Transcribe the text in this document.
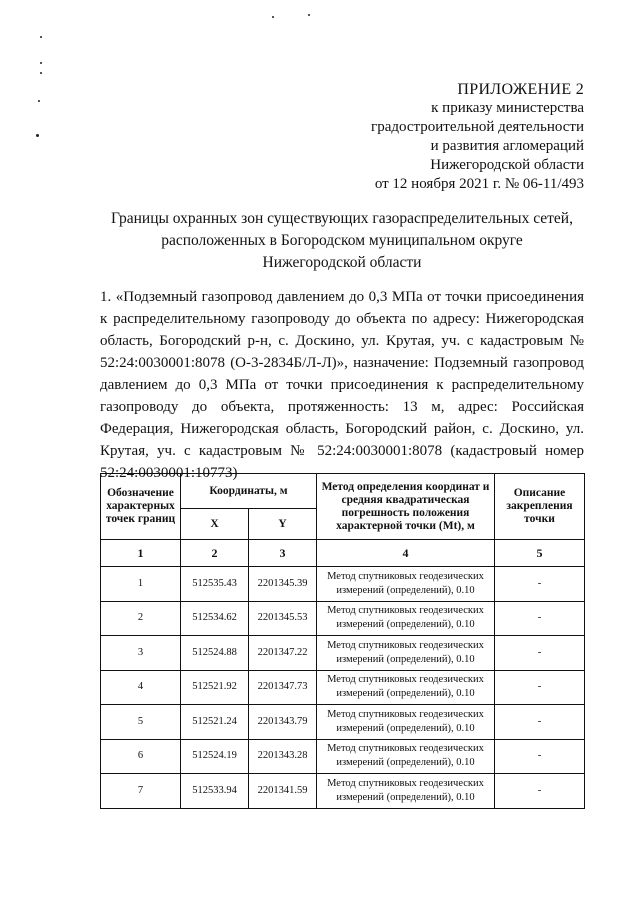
ПРИЛОЖЕНИЕ 2
к приказу министерства
градостроительной деятельности
и развития агломераций
Нижегородской области
от 12 ноября 2021 г. № 06-11/493
Границы охранных зон существующих газораспределительных сетей,
расположенных в Богородском муниципальном округе
Нижегородской области
1. «Подземный газопровод давлением до 0,3 МПа от точки присоединения к распределительному газопроводу до объекта по адресу: Нижегородская область, Богородский р-н, с. Доскино, ул. Крутая, уч. с кадастровым № 52:24:0030001:8078 (О-3-2834Б/Л-Л)», назначение: Подземный газопровод давлением до 0,3 МПа от точки присоединения к распределительному газопроводу до объекта, протяженность: 13 м, адрес: Российская Федерация, Нижегородская область, Богородский район, с. Доскино, ул. Крутая, уч. с кадастровым № 52:24:0030001:8078 (кадастровый номер 52:24:0030001:10773)
Обозначение характерных точек границ	Координаты, м		Метод определения координат и средняя квадратическая погрешность положения характерной точки (Mt), м	Описание закрепления точки
	X	Y		
1	2	3	4	5
1	512535.43	2201345.39	Метод спутниковых геодезических измерений (определений), 0.10	-
2	512534.62	2201345.53	Метод спутниковых геодезических измерений (определений), 0.10	-
3	512524.88	2201347.22	Метод спутниковых геодезических измерений (определений), 0.10	-
4	512521.92	2201347.73	Метод спутниковых геодезических измерений (определений), 0.10	-
5	512521.24	2201343.79	Метод спутниковых геодезических измерений (определений), 0.10	-
6	512524.19	2201343.28	Метод спутниковых геодезических измерений (определений), 0.10	-
7	512533.94	2201341.59	Метод спутниковых геодезических измерений (определений), 0.10	-
